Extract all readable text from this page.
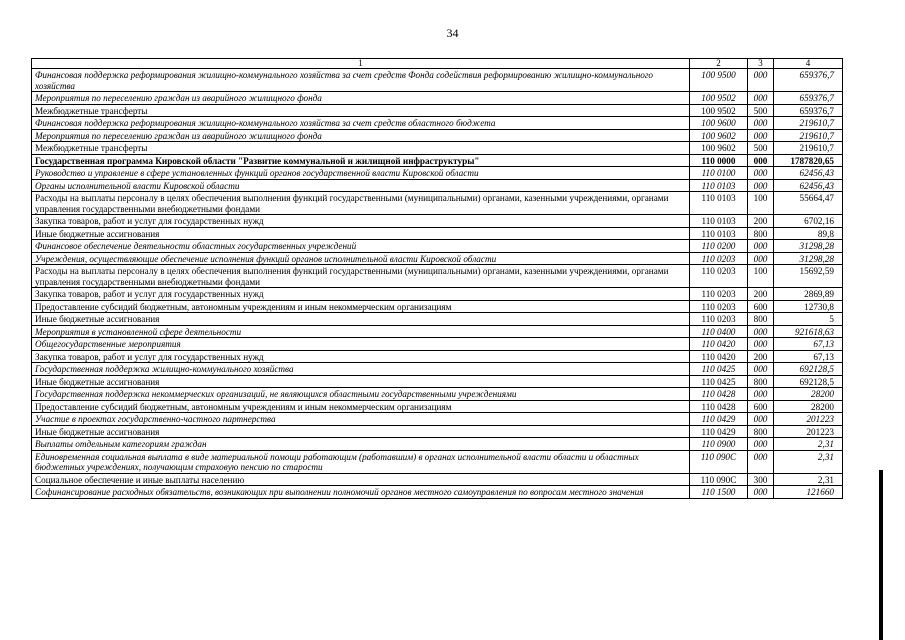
34
1	2	3	4
Финансовая поддержка реформирования жилищно-коммунального хозяйства за счет средств Фонда содействия реформированию жилищно-коммунального хозяйства	100 9500	000	659376,7
Мероприятия по переселению граждан из аварийного жилищного фонда	100 9502	000	659376,7
Межбюджетные трансферты	100 9502	500	659376,7
Финансовая поддержка реформирования жилищно-коммунального хозяйства за счет средств областного бюджета	100 9600	000	219610,7
Мероприятия по переселению граждан из аварийного жилищного фонда	100 9602	000	219610,7
Межбюджетные трансферты	100 9602	500	219610,7
Государственная программа Кировской области "Развитие коммунальной и жилищной инфраструктуры"	110 0000	000	1787820,65
Руководство и управление в сфере установленных функций органов государственной власти Кировской области	110 0100	000	62456,43
Органы исполнительной власти Кировской области	110 0103	000	62456,43
Расходы на выплаты персоналу в целях обеспечения выполнения функций государственными (муниципальными) органами, казенными учреждениями, органами управления государственными внебюджетными фондами	110 0103	100	55664,47
Закупка товаров, работ и услуг для государственных нужд	110 0103	200	6702,16
Иные бюджетные ассигнования	110 0103	800	89,8
Финансовое обеспечение деятельности областных государственных учреждений	110 0200	000	31298,28
Учреждения, осуществляющие обеспечение исполнения функций органов исполнительной власти Кировской области	110 0203	000	31298,28
Расходы на выплаты персоналу в целях обеспечения выполнения функций государственными (муниципальными) органами, казенными учреждениями, органами управления государственными внебюджетными фондами	110 0203	100	15692,59
Закупка товаров, работ и услуг для государственных нужд	110 0203	200	2869,89
Предоставление субсидий бюджетным, автономным учреждениям и иным некоммерческим организациям	110 0203	600	12730,8
Иные бюджетные ассигнования	110 0203	800	5
Мероприятия в установленной сфере деятельности	110 0400	000	921618,63
Общегосударственные мероприятия	110 0420	000	67,13
Закупка товаров, работ и услуг для государственных нужд	110 0420	200	67,13
Государственная поддержка жилищно-коммунального хозяйства	110 0425	000	692128,5
Иные бюджетные ассигнования	110 0425	800	692128,5
Государственная поддержка некоммерческих организаций, не являющихся областными государственными учреждениями	110 0428	000	28200
Предоставление субсидий бюджетным, автономным учреждениям и иным некоммерческим организациям	110 0428	600	28200
Участие в проектах государственно-частного партнерства	110 0429	000	201223
Иные бюджетные ассигнования	110 0429	800	201223
Выплаты отдельным категориям граждан	110 0900	000	2,31
Единовременная социальная выплата в виде материальной помощи работающим (работавшим) в органах исполнительной власти области и областных бюджетных учреждениях, получающим страховую пенсию по старости	110 090С	000	2,31
Социальное обеспечение и иные выплаты населению	110 090С	300	2,31
Софинансирование расходных обязательств, возникающих при выполнении полномочий органов местного самоуправления по вопросам местного значения	110 1500	000	121660
